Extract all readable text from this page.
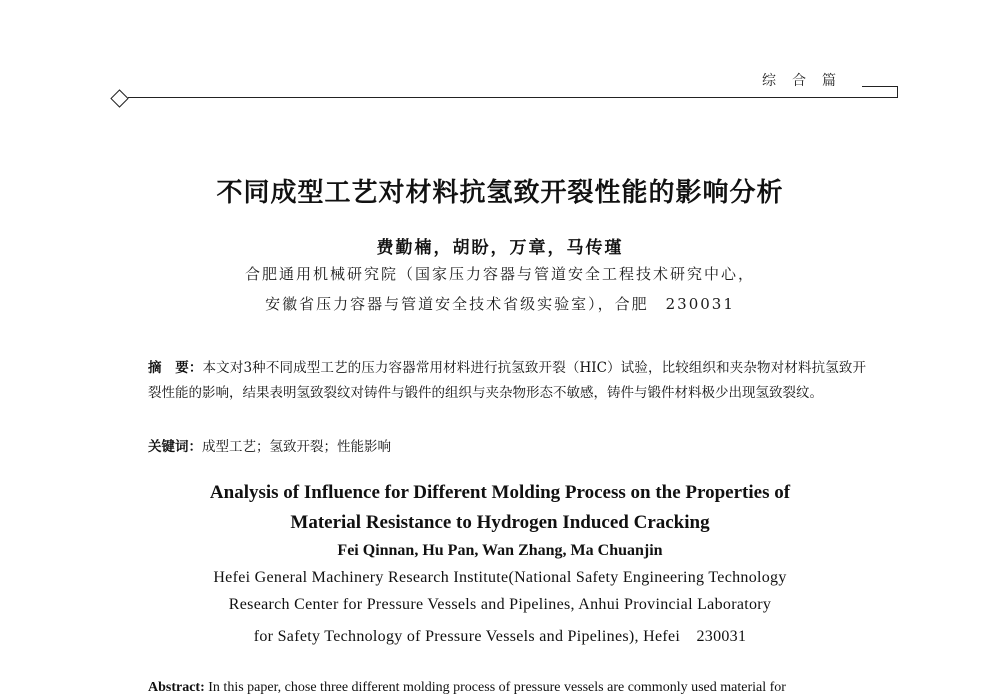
综合篇
不同成型工艺对材料抗氢致开裂性能的影响分析
费勤楠，胡盼，万章，马传瑾
合肥通用机械研究院（国家压力容器与管道安全工程技术研究中心，
安徽省压力容器与管道安全技术省级实验室），合肥　230031
摘　要：本文对3种不同成型工艺的压力容器常用材料进行抗氢致开裂（HIC）试验，比较组织和夹杂物对材料抗氢致开裂性能的影响，结果表明氢致裂纹对铸件与锻件的组织与夹杂物形态不敏感，铸件与锻件材料极少出现氢致裂纹。
关键词：成型工艺；氢致开裂；性能影响
Analysis of Influence for Different Molding Process on the Properties of
Material Resistance to Hydrogen Induced Cracking
Fei Qinnan, Hu Pan, Wan Zhang, Ma Chuanjin
Hefei General Machinery Research Institute(National Safety Engineering Technology
Research Center for Pressure Vessels and Pipelines, Anhui Provincial Laboratory
for Safety Technology of Pressure Vessels and Pipelines), Hefei　230031
Abstract: In this paper, chose three different molding process of pressure vessels are commonly used material for
